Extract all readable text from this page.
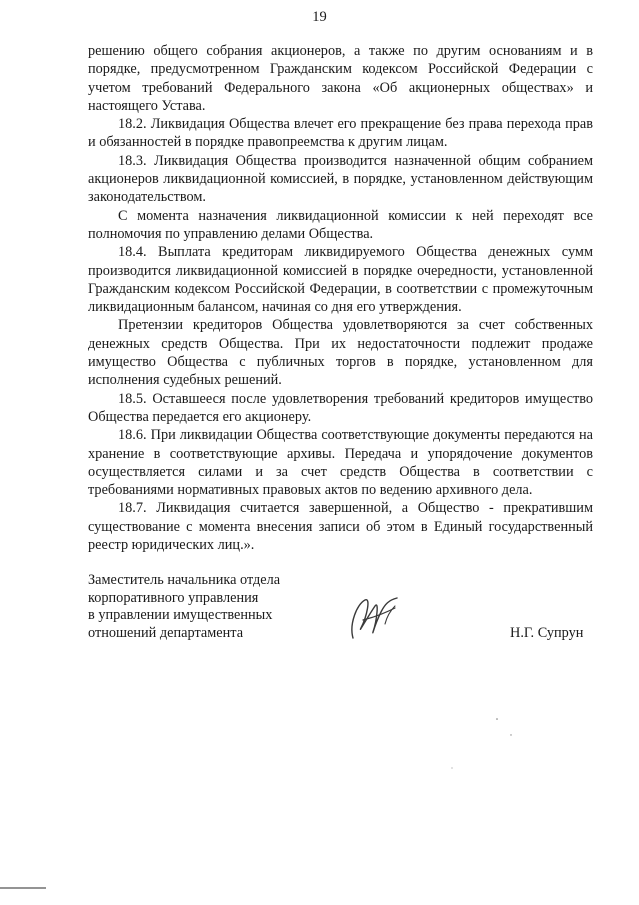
19

решению общего собрания акционеров, а также по другим основаниям и в порядке, предусмотренном Гражданским кодексом Российской Федерации с учетом требований Федерального закона «Об акционерных обществах» и настоящего Устава.

18.2. Ликвидация Общества влечет его прекращение без права перехода прав и обязанностей в порядке правопреемства к другим лицам.

18.3. Ликвидация Общества производится назначенной общим собранием акционеров ликвидационной комиссией, в порядке, установленном действующим законодательством.

С момента назначения ликвидационной комиссии к ней переходят все полномочия по управлению делами Общества.

18.4. Выплата кредиторам ликвидируемого Общества денежных сумм производится ликвидационной комиссией в порядке очередности, установленной Гражданским кодексом Российской Федерации, в соответствии с промежуточным ликвидационным балансом, начиная со дня его утверждения.

Претензии кредиторов Общества удовлетворяются за счет собственных денежных средств Общества. При их недостаточности подлежит продаже имущество Общества с публичных торгов в порядке, установленном для исполнения судебных решений.

18.5. Оставшееся после удовлетворения требований кредиторов имущество Общества передается его акционеру.

18.6. При ликвидации Общества соответствующие документы передаются на хранение в соответствующие архивы. Передача и упорядочение документов осуществляется силами и за счет средств Общества в соответствии с требованиями нормативных правовых актов по ведению архивного дела.

18.7. Ликвидация считается завершенной, а Общество - прекратившим существование с момента внесения записи об этом в Единый государственный реестр юридических лиц.».

Заместитель начальника отдела
корпоративного управления
в управлении имущественных
отношений департамента	Н.Г. Супрун
